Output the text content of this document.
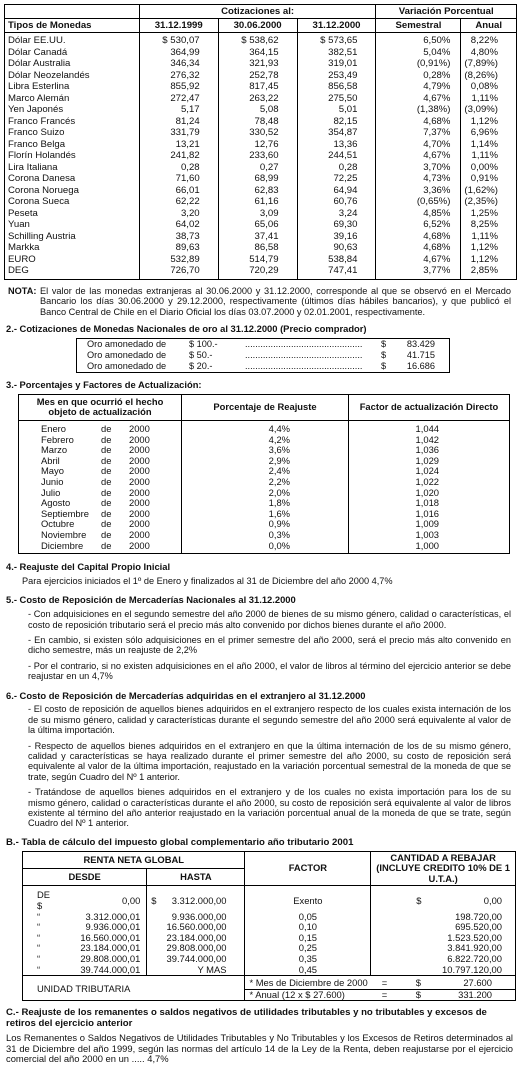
	Cotizaciones al:			Variación Porcentual	
Tipos de Monedas	31.12.1999	30.06.2000	31.12.2000	Semestral	Anual
Dólar EE.UU.	$ 530,07	$ 538,62	$ 573,65	6,50%	8,22%
Dólar Canadá	364,99	364,15	382,51	5,04%	4,80%
Dólar Australia	346,34	321,93	319,01	(0,91%)	(7,89%)
Dólar Neozelandés	276,32	252,78	253,49	0,28%	(8,26%)
Libra Esterlina	855,92	817,45	856,58	4,79%	0,08%
Marco Alemán	272,47	263,22	275,50	4,67%	1,11%
Yen Japonés	5,17	5,08	5,01	(1,38%)	(3,09%)
Franco Francés	81,24	78,48	82,15	4,68%	1,12%
Franco Suizo	331,79	330,52	354,87	7,37%	6,96%
Franco Belga	13,21	12,76	13,36	4,70%	1,14%
Florín Holandés	241,82	233,60	244,51	4,67%	1,11%
Lira Italiana	0,28	0,27	0,28	3,70%	0,00%
Corona Danesa	71,60	68,99	72,25	4,73%	0,91%
Corona Noruega	66,01	62,83	64,94	3,36%	(1,62%)
Corona Sueca	62,22	61,16	60,76	(0,65%)	(2,35%)
Peseta	3,20	3,09	3,24	4,85%	1,25%
Yuan	64,02	65,06	69,30	6,52%	8,25%
Schilling Austria	38,73	37,41	39,16	4,68%	1,11%
Markka	89,63	86,58	90,63	4,68%	1,12%
EURO	532,89	514,79	538,84	4,67%	1,12%
DEG	726,70	720,29	747,41	3,77%	2,85%
NOTA: El valor de las monedas extranjeras al 30.06.2000 y 31.12.2000, corresponde al que se observó en el Mercado Bancario los días 30.06.2000 y 29.12.2000, respectivamente (últimos días hábiles bancarios), y que publicó el Banco Central de Chile en el Diario Oficial los días 03.07.2000 y 02.01.2001, respectivamente.
2.- Cotizaciones de Monedas Nacionales de oro al 31.12.2000 (Precio comprador)
Oro amonedado de	$ 100.-	..............................................	$	83.429
Oro amonedado de	$ 50.-	..............................................	$	41.715
Oro amonedado de	$ 20.-	..............................................	$	16.686
3.- Porcentajes y Factores de Actualización:
Mes en que ocurrió el hecho objeto de actualización	Porcentaje de Reajuste	Factor de actualización Directo

Enero de 2000	4,4%	1,044

Febrero de 2000	4,2%	1,042

Marzo de 2000	3,6%	1,036

Abril de 2000	2,9%	1,029

Mayo de 2000	2,4%	1,024

Junio de 2000	2,2%	1,022

Julio de 2000	2,0%	1,020

Agosto de 2000	1,8%	1,018

Septiembre de 2000	1,6%	1,016

Octubre de 2000	0,9%	1,009

Noviembre de 2000	0,3%	1,003

Diciembre de 2000	0,0%	1,000
4.- Reajuste del Capital Propio Inicial
Para ejercicios iniciados el 1º de Enero y finalizados al 31 de Diciembre del año 2000 4,7%
5.- Costo de Reposición de Mercaderías Nacionales al 31.12.2000
- Con adquisiciones en el segundo semestre del año 2000 de bienes de su mismo género, calidad o características, el costo de reposición tributario será el precio más alto convenido por dichos bienes durante el año 2000.
- En cambio, si existen sólo adquisiciones en el primer semestre del año 2000, será el precio más alto convenido en dicho semestre, más un reajuste de 2,2%
- Por el contrario, si no existen adquisiciones en el año 2000, el valor de libros al término del ejercicio anterior se debe reajustar en un 4,7%
6.- Costo de Reposición de Mercaderías adquiridas en el extranjero al 31.12.2000
- El costo de reposición de aquellos bienes adquiridos en el extranjero respecto de los cuales exista internación de los de su mismo género, calidad y características durante el segundo semestre del año 2000 será equivalente al valor de la última importación.
- Respecto de aquellos bienes adquiridos en el extranjero en que la última internación de los de su mismo género, calidad y características se haya realizado durante el primer semestre del año 2000, su costo de reposición será equivalente al valor de la última importación, reajustado en la variación porcentual semestral de la moneda de que se trate, según Cuadro del Nº 1 anterior.
- Tratándose de aquellos bienes adquiridos en el extranjero y de los cuales no exista importación para los de su mismo género, calidad o características durante el año 2000, su costo de reposición será equivalente al valor de libros existente al término del año anterior reajustado en la variación porcentual anual de la moneda de que se trate, según Cuadro del Nº 1 anterior.
B.- Tabla de cálculo del impuesto global complementario año tributario 2001
RENTA NETA GLOBAL				FACTOR	CANTIDAD A REBAJAR (INCLUYE CREDITO 10% DE 1 U.T.A.)
DESDE		HASTA			
DE $	0,00	$	3.312.000,00	Exento	$ 0,00

“	3.312.000,01		9.936.000,00	0,05	198.720,00

“	9.936.000,01		16.560.000,00	0,10	695.520,00

“	16.560.000,01		23.184.000,00	0,15	1.523.520,00

“	23.184.000,01		29.808.000,00	0,25	3.841.920,00

“	29.808.000,01		39.744.000,00	0,35	6.822.720,00

“	39.744.000,01		Y MAS	0,45	10.797.120,00

UNIDAD TRIBUTARIA				* Mes de Diciembre de 2000	= $ 27.600

				* Anual (12 x $ 27.600)	= $ 331.200
C.- Reajuste de los remanentes o saldos negativos de utilidades tributables y no tributables y excesos de retiros del ejercicio anterior
Los Remanentes o Saldos Negativos de Utilidades Tributables y No Tributables y los Excesos de Retiros determinados al 31 de Diciembre del año 1999, según las normas del artículo 14 de la Ley de la Renta, deben reajustarse por el ejercicio comercial del año 2000 en un ..... 4,7%
